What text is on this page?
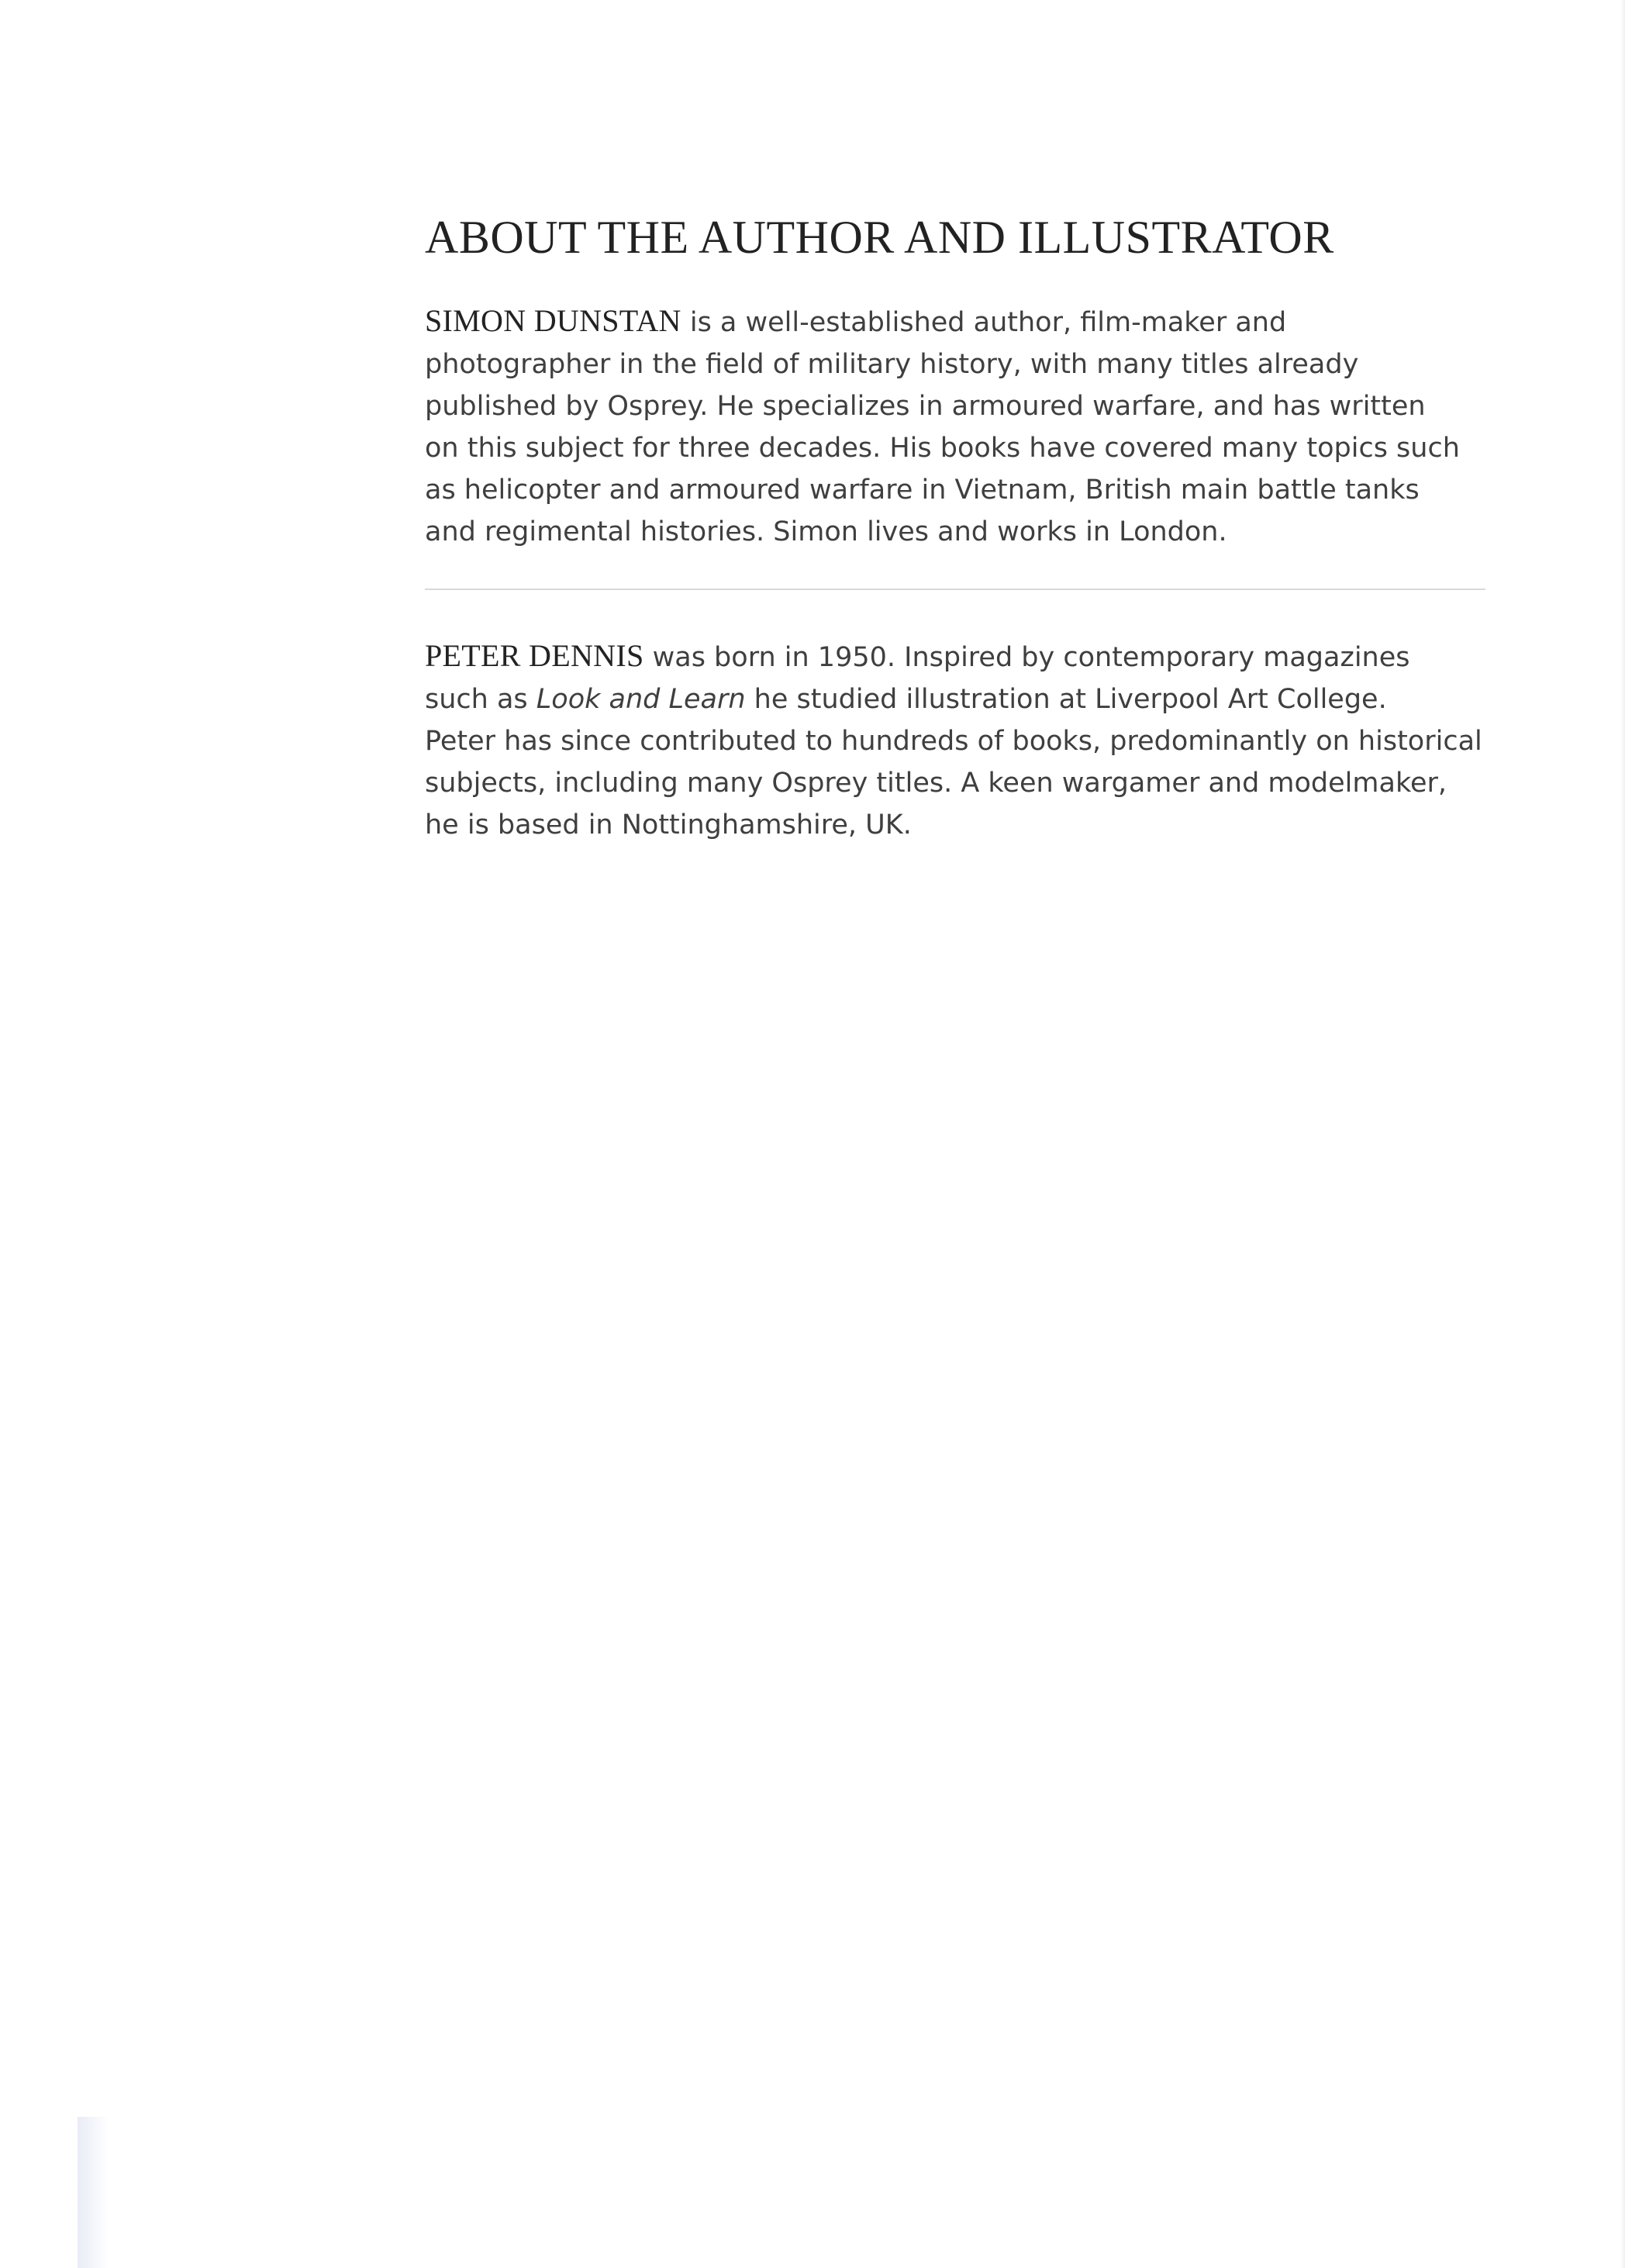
ABOUT THE AUTHOR AND ILLUSTRATOR

SIMON DUNSTAN is a well-established author, film-maker and
photographer in the field of military history, with many titles already
published by Osprey. He specializes in armoured warfare, and has written
on this subject for three decades. His books have covered many topics such
as helicopter and armoured warfare in Vietnam, British main battle tanks
and regimental histories. Simon lives and works in London.

PETER DENNIS was born in 1950. Inspired by contemporary magazines
such as Look and Learn he studied illustration at Liverpool Art College.
Peter has since contributed to hundreds of books, predominantly on historical
subjects, including many Osprey titles. A keen wargamer and modelmaker,
he is based in Nottinghamshire, UK.
